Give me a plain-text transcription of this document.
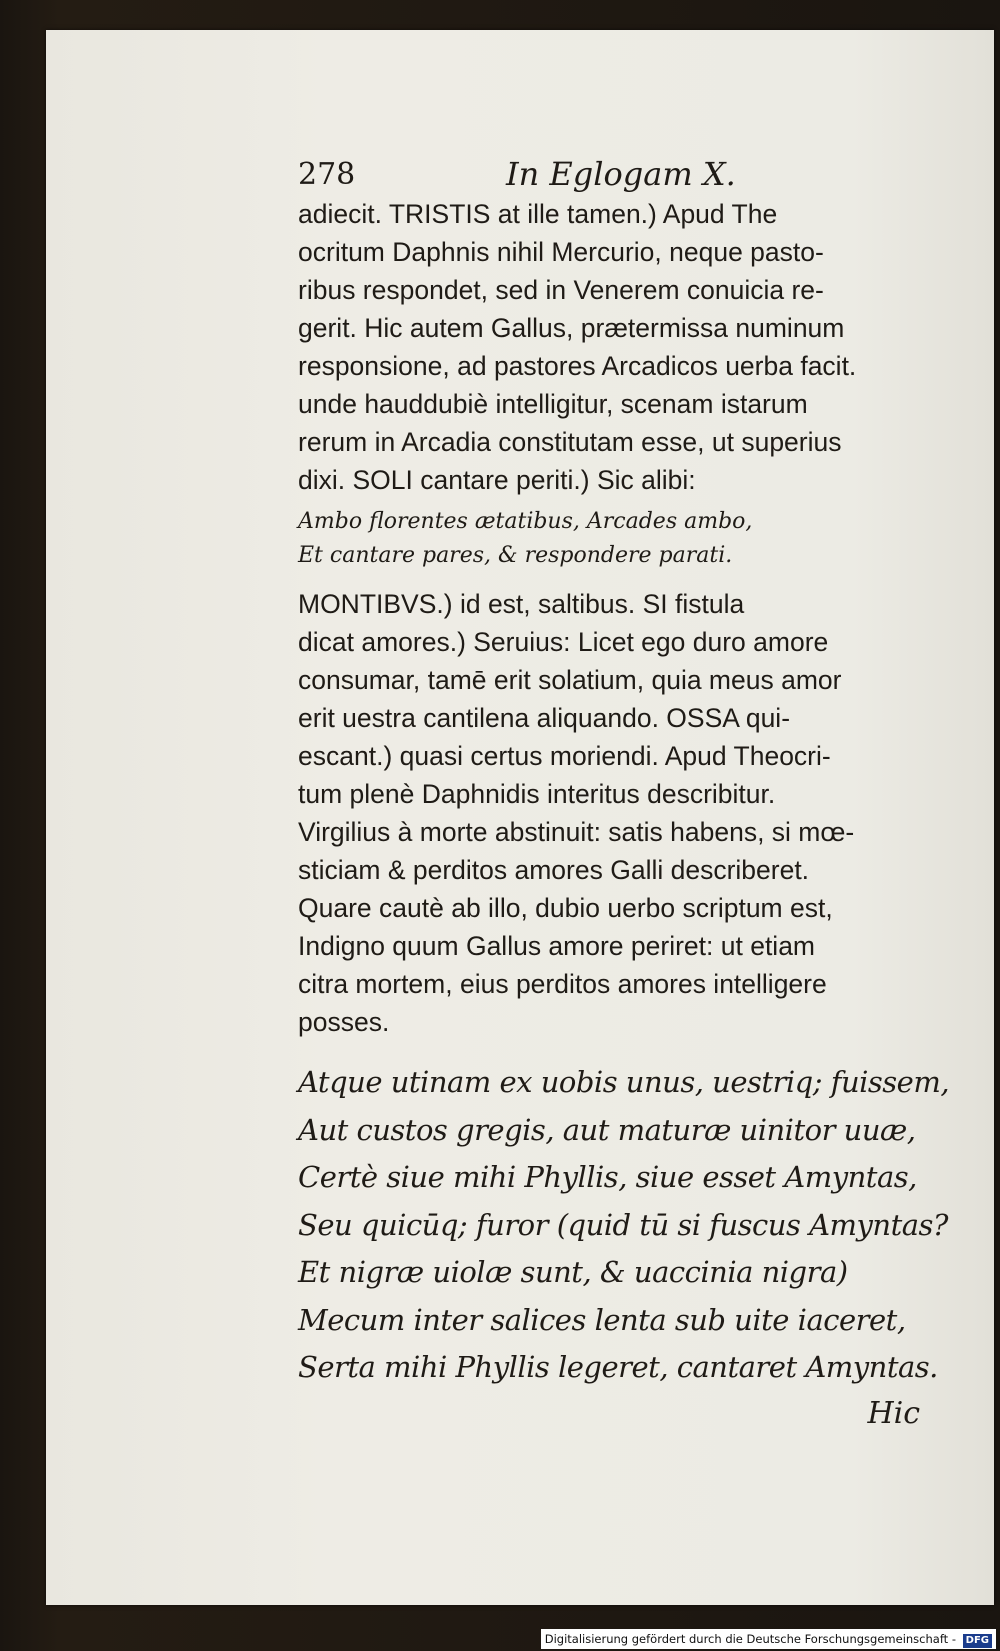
278	In Eglogam X.
adiecit. TRISTIS at ille tamen.) Apud The
ocritum Daphnis nihil Mercurio, neque pasto-
ribus respondet, sed in Venerem conuicia re-
gerit. Hic autem Gallus, prætermissa numinum
responsione, ad pastores Arcadicos uerba facit.
unde hauddubiè intelligitur, scenam istarum
rerum in Arcadia constitutam esse, ut superius
dixi. SOLI cantare periti.) Sic alibi:
Ambo florentes ætatibus, Arcades ambo,
Et cantare pares, & respondere parati.
MONTIBVS.) id est, saltibus. SI fistula
dicat amores.) Seruius: Licet ego duro amore
consumar, tamē erit solatium, quia meus amor
erit uestra cantilena aliquando. OSSA qui-
escant.) quasi certus moriendi. Apud Theocri-
tum plenè Daphnidis interitus describitur.
Virgilius à morte abstinuit: satis habens, si mœ-
sticiam & perditos amores Galli describeret.
Quare cautè ab illo, dubio uerbo scriptum est,
Indigno quum Gallus amore periret: ut etiam
citra mortem, eius perditos amores intelligere
posses.
Atque utinam ex uobis unus, uestriq; fuissem,
Aut custos gregis, aut maturæ uinitor uuæ,
Certè siue mihi Phyllis, siue esset Amyntas,
Seu quicūq; furor (quid tū si fuscus Amyntas?
Et nigræ uiolæ sunt, & uaccinia nigra)
Mecum inter salices lenta sub uite iaceret,
Serta mihi Phyllis legeret, cantaret Amyntas.
Hic
Digitalisierung gefördert durch die Deutsche Forschungsgemeinschaft - DFG
